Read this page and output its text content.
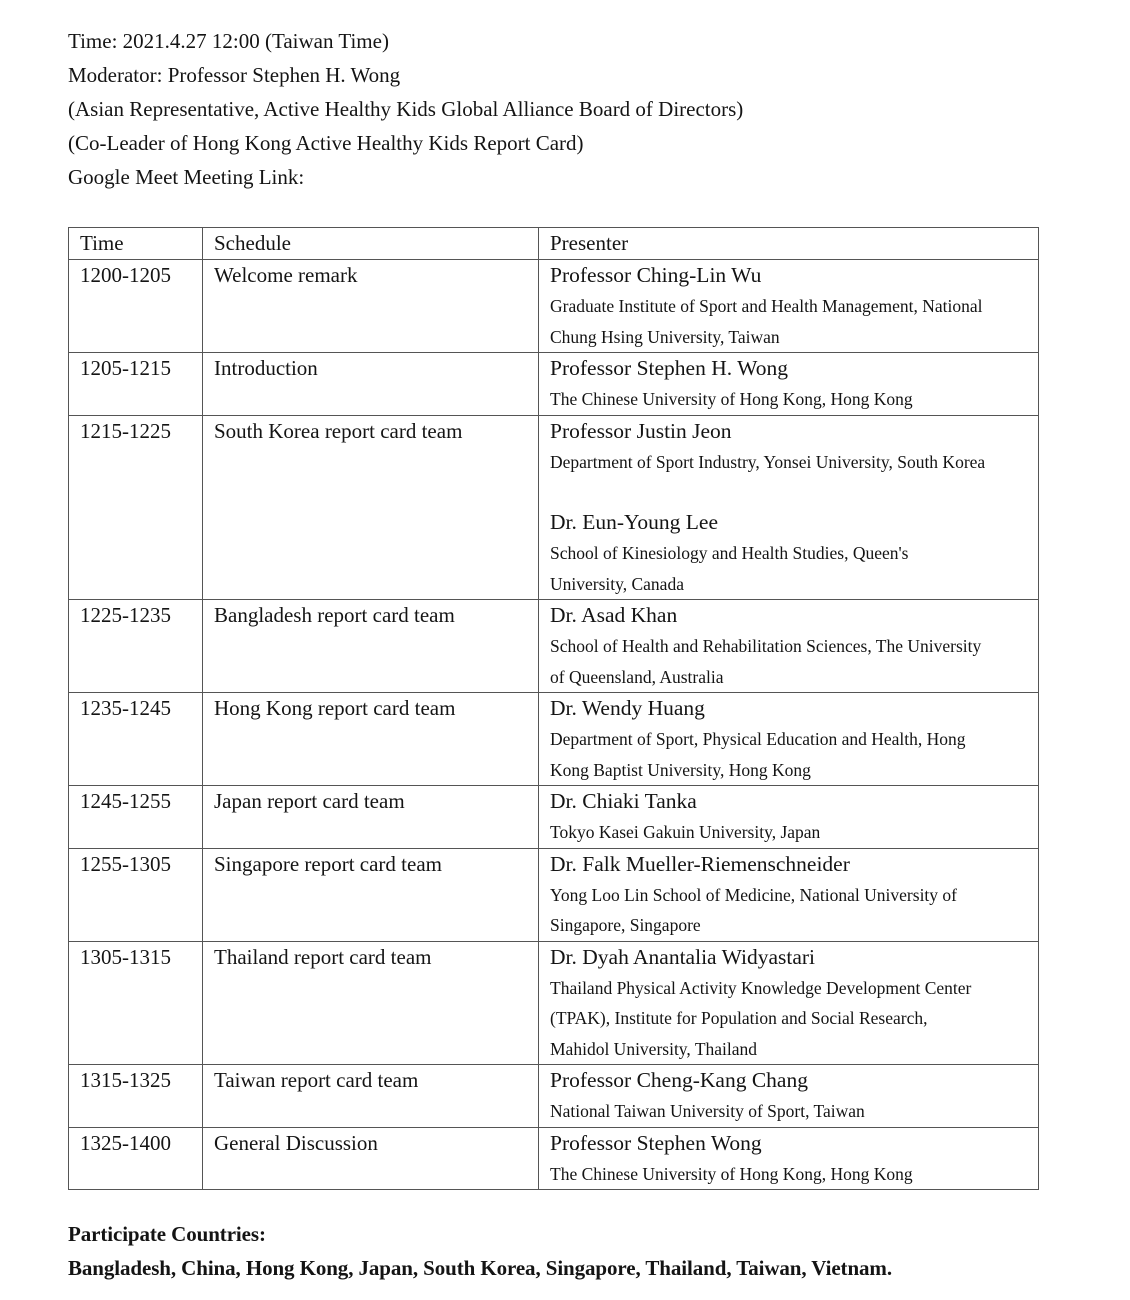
Time: 2021.4.27 12:00 (Taiwan Time)
Moderator: Professor Stephen H. Wong
(Asian Representative, Active Healthy Kids Global Alliance Board of Directors)
(Co-Leader of Hong Kong Active Healthy Kids Report Card)
Google Meet Meeting Link:
Time	Schedule	Presenter
1200-1205	Welcome remark	Professor Ching-Lin Wu
Graduate Institute of Sport and Health Management, National
Chung Hsing University, Taiwan

1205-1215	Introduction	Professor Stephen H. Wong
The Chinese University of Hong Kong, Hong Kong

1215-1225	South Korea report card team	Professor Justin Jeon
Department of Sport Industry, Yonsei University, South Korea
Dr. Eun-Young Lee
School of Kinesiology and Health Studies, Queen's
University, Canada

1225-1235	Bangladesh report card team	Dr. Asad Khan
School of Health and Rehabilitation Sciences, The University
of Queensland, Australia

1235-1245	Hong Kong report card team	Dr. Wendy Huang
Department of Sport, Physical Education and Health, Hong
Kong Baptist University, Hong Kong

1245-1255	Japan report card team	Dr. Chiaki Tanka
Tokyo Kasei Gakuin University, Japan

1255-1305	Singapore report card team	Dr. Falk Mueller-Riemenschneider
Yong Loo Lin School of Medicine, National University of
Singapore, Singapore

1305-1315	Thailand report card team	Dr. Dyah Anantalia Widyastari
Thailand Physical Activity Knowledge Development Center
(TPAK), Institute for Population and Social Research,
Mahidol University, Thailand

1315-1325	Taiwan report card team	Professor Cheng-Kang Chang
National Taiwan University of Sport, Taiwan

1325-1400	General Discussion	Professor Stephen Wong
The Chinese University of Hong Kong, Hong Kong
Participate Countries:
Bangladesh, China, Hong Kong, Japan, South Korea, Singapore, Thailand, Taiwan, Vietnam.
